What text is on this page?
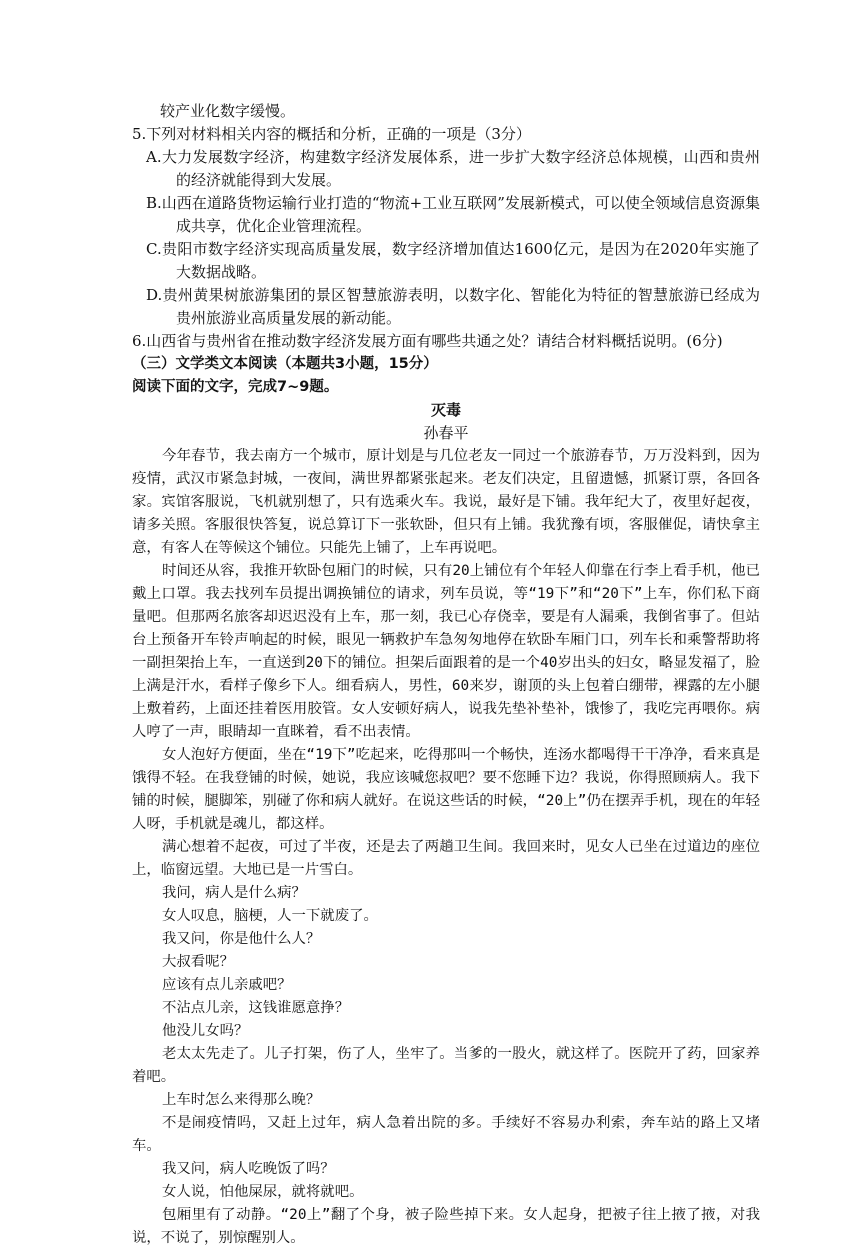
较产业化数字缓慢。

5.下列对材料相关内容的概括和分析，正确的一项是（3分）

A.大力发展数字经济，构建数字经济发展体系，进一步扩大数字经济总体规模，山西和贵州的经济就能得到大发展。

B.山西在道路货物运输行业打造的“物流+工业互联网”发展新模式，可以使全领域信息资源集成共享，优化企业管理流程。

C.贵阳市数字经济实现高质量发展，数字经济增加值达1600亿元，是因为在2020年实施了大数据战略。

D.贵州黄果树旅游集团的景区智慧旅游表明，以数字化、智能化为特征的智慧旅游已经成为贵州旅游业高质量发展的新动能。

6.山西省与贵州省在推动数字经济发展方面有哪些共通之处？请结合材料概括说明。(6分)

（三）文学类文本阅读（本题共3小题，15分）

阅读下面的文字，完成7~9题。

灭毒

孙春平

今年春节，我去南方一个城市，原计划是与几位老友一同过一个旅游春节，万万没料到，因为疫情，武汉市紧急封城，一夜间，满世界都紧张起来。老友们决定，且留遗憾，抓紧订票，各回各家。宾馆客服说，飞机就别想了，只有选乘火车。我说，最好是下铺。我年纪大了，夜里好起夜，请多关照。客服很快答复，说总算订下一张软卧，但只有上铺。我犹豫有顷，客服催促，请快拿主意，有客人在等候这个铺位。只能先上铺了，上车再说吧。

时间还从容，我推开软卧包厢门的时候，只有20上铺位有个年轻人仰靠在行李上看手机，他已戴上口罩。我去找列车员提出调换铺位的请求，列车员说，等“19下”和“20下”上车，你们私下商量吧。但那两名旅客却迟迟没有上车，那一刻，我已心存侥幸，要是有人漏乘，我倒省事了。但站台上预备开车铃声响起的时候，眼见一辆救护车急匆匆地停在软卧车厢门口，列车长和乘警帮助将一副担架抬上车，一直送到20下的铺位。担架后面跟着的是一个40岁出头的妇女，略显发福了，脸上满是汗水，看样子像乡下人。细看病人，男性，60来岁，谢顶的头上包着白绷带，裸露的左小腿上敷着药，上面还挂着医用胶管。女人安顿好病人，说我先垫补垫补，饿惨了，我吃完再喂你。病人哼了一声，眼睛却一直眯着，看不出表情。

女人泡好方便面，坐在“19下”吃起来，吃得那叫一个畅快，连汤水都喝得干干净净，看来真是饿得不轻。在我登铺的时候，她说，我应该喊您叔吧？要不您睡下边？我说，你得照顾病人。我下铺的时候，腿脚笨，别碰了你和病人就好。在说这些话的时候，“20上”仍在摆弄手机，现在的年轻人呀，手机就是魂儿，都这样。

满心想着不起夜，可过了半夜，还是去了两趟卫生间。我回来时，见女人已坐在过道边的座位上，临窗远望。大地已是一片雪白。

我问，病人是什么病？

女人叹息，脑梗，人一下就废了。

我又问，你是他什么人？

大叔看呢？

应该有点儿亲戚吧？

不沾点儿亲，这钱谁愿意挣？

他没儿女吗？

老太太先走了。儿子打架，伤了人，坐牢了。当爹的一股火，就这样了。医院开了药，回家养着吧。

上车时怎么来得那么晚？

不是闹疫情吗，又赶上过年，病人急着出院的多。手续好不容易办利索，奔车站的路上又堵车。

我又问，病人吃晚饭了吗？

女人说，怕他屎尿，就将就吧。

包厢里有了动静。“20上”翻了个身，被子险些掉下来。女人起身，把被子往上掖了掖，对我说，不说了，别惊醒别人。
